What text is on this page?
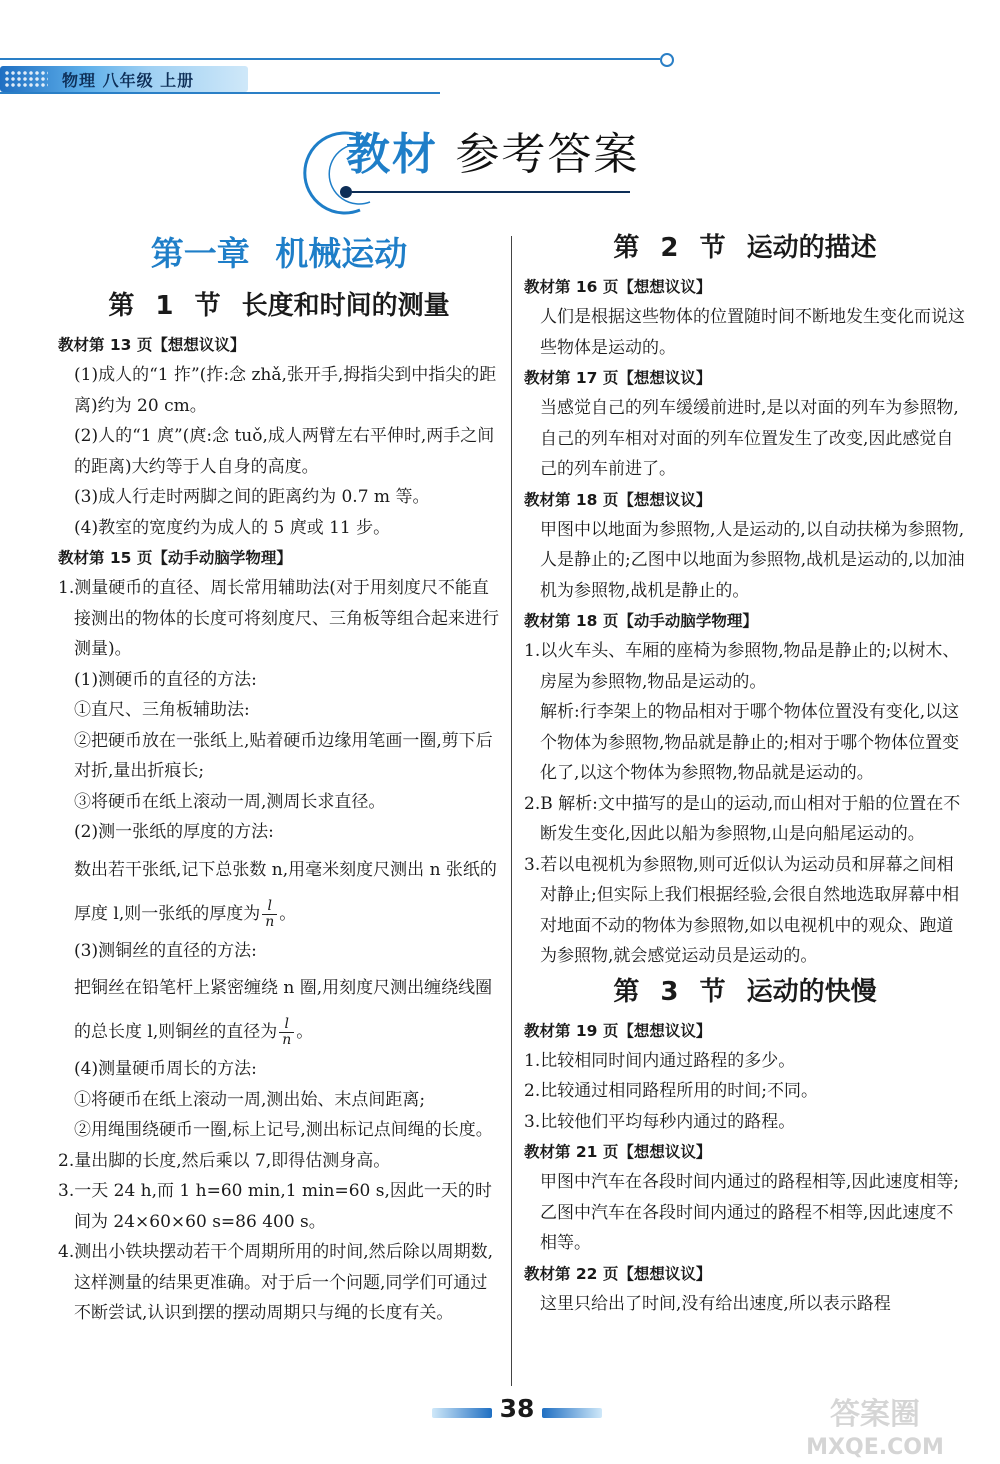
物理 八年级 上册
教材 参考答案
第一章 机械运动
第 1 节 长度和时间的测量
教材第 13 页【想想议议】

(1)成人的“1 拃”(拃:念 zhǎ,张开手,拇指尖到中指尖的距离)约为 20 cm。

(2)人的“1 庹”(庹:念 tuǒ,成人两臂左右平伸时,两手之间的距离)大约等于人自身的高度。

(3)成人行走时两脚之间的距离约为 0.7 m 等。

(4)教室的宽度约为成人的 5 庹或 11 步。

教材第 15 页【动手动脑学物理】

1.测量硬币的直径、周长常用辅助法(对于用刻度尺不能直接测出的物体的长度可将刻度尺、三角板等组合起来进行测量)。

(1)测硬币的直径的方法:

①直尺、三角板辅助法:

②把硬币放在一张纸上,贴着硬币边缘用笔画一圈,剪下后对折,量出折痕长;

③将硬币在纸上滚动一周,测周长求直径。

(2)测一张纸的厚度的方法:

数出若干张纸,记下总张数 n,用毫米刻度尺测出 n 张纸的厚度 l,则一张纸的厚度为 $\frac{l}{n}$ 。

(3)测铜丝的直径的方法:

把铜丝在铅笔杆上紧密缠绕 n 圈,用刻度尺测出缠绕线圈的总长度 l,则铜丝的直径为 $\frac{l}{n}$ 。

(4)测量硬币周长的方法:

①将硬币在纸上滚动一周,测出始、末点间距离;

②用绳围绕硬币一圈,标上记号,测出标记点间绳的长度。

2.量出脚的长度,然后乘以 7,即得估测身高。

3.一天 24 h,而 1 h=60 min,1 min=60 s,因此一天的时间为 24×60×60 s=86 400 s。

4.测出小铁块摆动若干个周期所用的时间,然后除以周期数,这样测量的结果更准确。对于后一个问题,同学们可通过不断尝试,认识到摆的摆动周期只与绳的长度有关。

第 2 节 运动的描述
教材第 16 页【想想议议】

人们是根据这些物体的位置随时间不断地发生变化而说这些物体是运动的。

教材第 17 页【想想议议】

当感觉自己的列车缓缓前进时,是以对面的列车为参照物,自己的列车相对对面的列车位置发生了改变,因此感觉自己的列车前进了。

教材第 18 页【想想议议】

甲图中以地面为参照物,人是运动的,以自动扶梯为参照物,人是静止的;乙图中以地面为参照物,战机是运动的,以加油机为参照物,战机是静止的。

教材第 18 页【动手动脑学物理】

1.以火车头、车厢的座椅为参照物,物品是静止的;以树木、房屋为参照物,物品是运动的。

解析:行李架上的物品相对于哪个物体位置没有变化,以这个物体为参照物,物品就是静止的;相对于哪个物体位置变化了,以这个物体为参照物,物品就是运动的。

2.B 解析:文中描写的是山的运动,而山相对于船的位置在不断发生变化,因此以船为参照物,山是向船尾运动的。

3.若以电视机为参照物,则可近似认为运动员和屏幕之间相对静止;但实际上我们根据经验,会很自然地选取屏幕中相对地面不动的物体为参照物,如以电视机中的观众、跑道为参照物,就会感觉运动员是运动的。

第 3 节 运动的快慢
教材第 19 页【想想议议】

1.比较相同时间内通过路程的多少。

2.比较通过相同路程所用的时间;不同。

3.比较他们平均每秒内通过的路程。

教材第 21 页【想想议议】

甲图中汽车在各段时间内通过的路程相等,因此速度相等;乙图中汽车在各段时间内通过的路程不相等,因此速度不相等。

教材第 22 页【想想议议】

这里只给出了时间,没有给出速度,所以表示路程

38	答案圈
MXQE.COM
